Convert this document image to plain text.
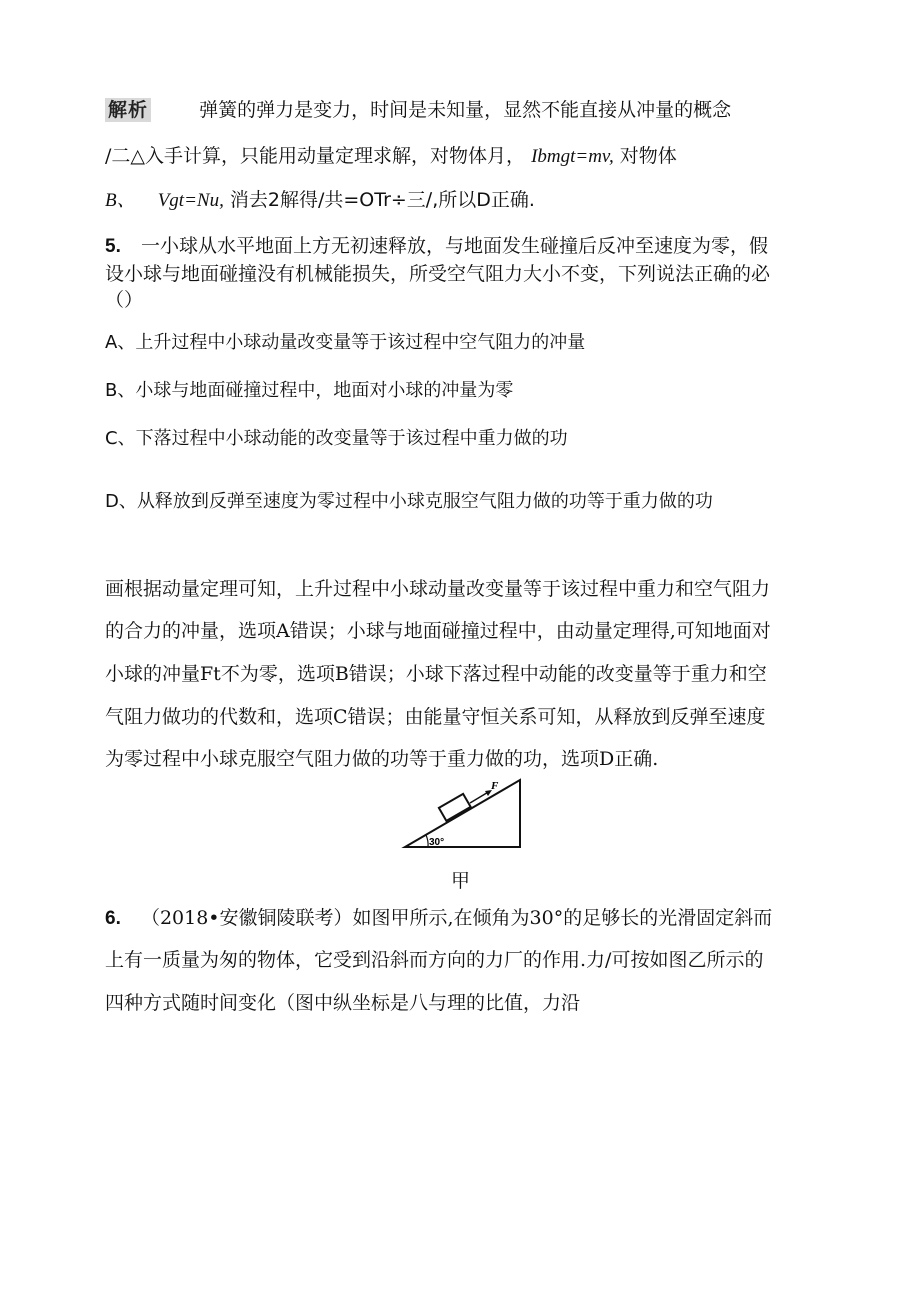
解析	弹簧的弹力是变力，时间是未知量，显然不能直接从冲量的概念
/二△入手计算，只能用动量定理求解，对物体月， Ibmgt=mv, 对物体
B、 Vgt=Nu, 消去2解得/共=OTr÷三∕,所以D正确.
5. 一小球从水平地面上方无初速释放，与地面发生碰撞后反冲至速度为零，假
设小球与地面碰撞没有机械能损失，所受空气阻力大小不变，下列说法正确的必
（）
A、上升过程中小球动量改变量等于该过程中空气阻力的冲量
B、小球与地面碰撞过程中，地面对小球的冲量为零
C、下落过程中小球动能的改变量等于该过程中重力做的功
D、从释放到反弹至速度为零过程中小球克服空气阻力做的功等于重力做的功
画根据动量定理可知，上升过程中小球动量改变量等于该过程中重力和空气阻力
的合力的冲量，选项A错误；小球与地面碰撞过程中，由动量定理得,可知地面对
小球的冲量Ft不为零，选项B错误；小球下落过程中动能的改变量等于重力和空
气阻力做功的代数和，选项C错误；由能量守恒关系可知，从释放到反弹至速度
为零过程中小球克服空气阻力做的功等于重力做的功，选项D正确.
30°
F
甲
6. （2018•安徽铜陵联考）如图甲所示,在倾角为30°的足够长的光滑固定斜而
上有一质量为匆的物体，它受到沿斜而方向的力厂的作用.力/可按如图乙所示的
四种方式随时间变化（图中纵坐标是八与理的比值，力沿
